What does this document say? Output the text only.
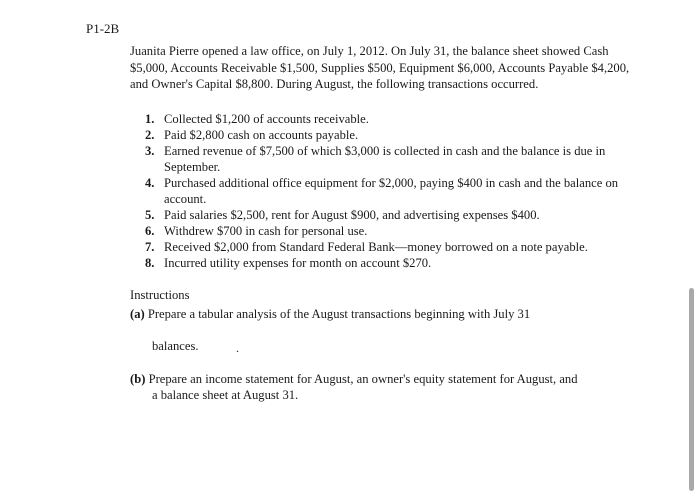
P1-2B
Juanita Pierre opened a law office, on July 1, 2012. On July 31, the balance sheet showed Cash $5,000, Accounts Receivable $1,500, Supplies $500, Equipment $6,000, Accounts Payable $4,200, and Owner's Capital $8,800. During August, the following transactions occurred.
1. Collected $1,200 of accounts receivable.
2. Paid $2,800 cash on accounts payable.
3. Earned revenue of $7,500 of which $3,000 is collected in cash and the balance is due in September.
4. Purchased additional office equipment for $2,000, paying $400 in cash and the balance on account.
5. Paid salaries $2,500, rent for August $900, and advertising expenses $400.
6. Withdrew $700 in cash for personal use.
7. Received $2,000 from Standard Federal Bank—money borrowed on a note payable.
8. Incurred utility expenses for month on account $270.
Instructions
(a) Prepare a tabular analysis of the August transactions beginning with July 31
balances.	.
(b) Prepare an income statement for August, an owner's equity statement for August, and
a balance sheet at August 31.
